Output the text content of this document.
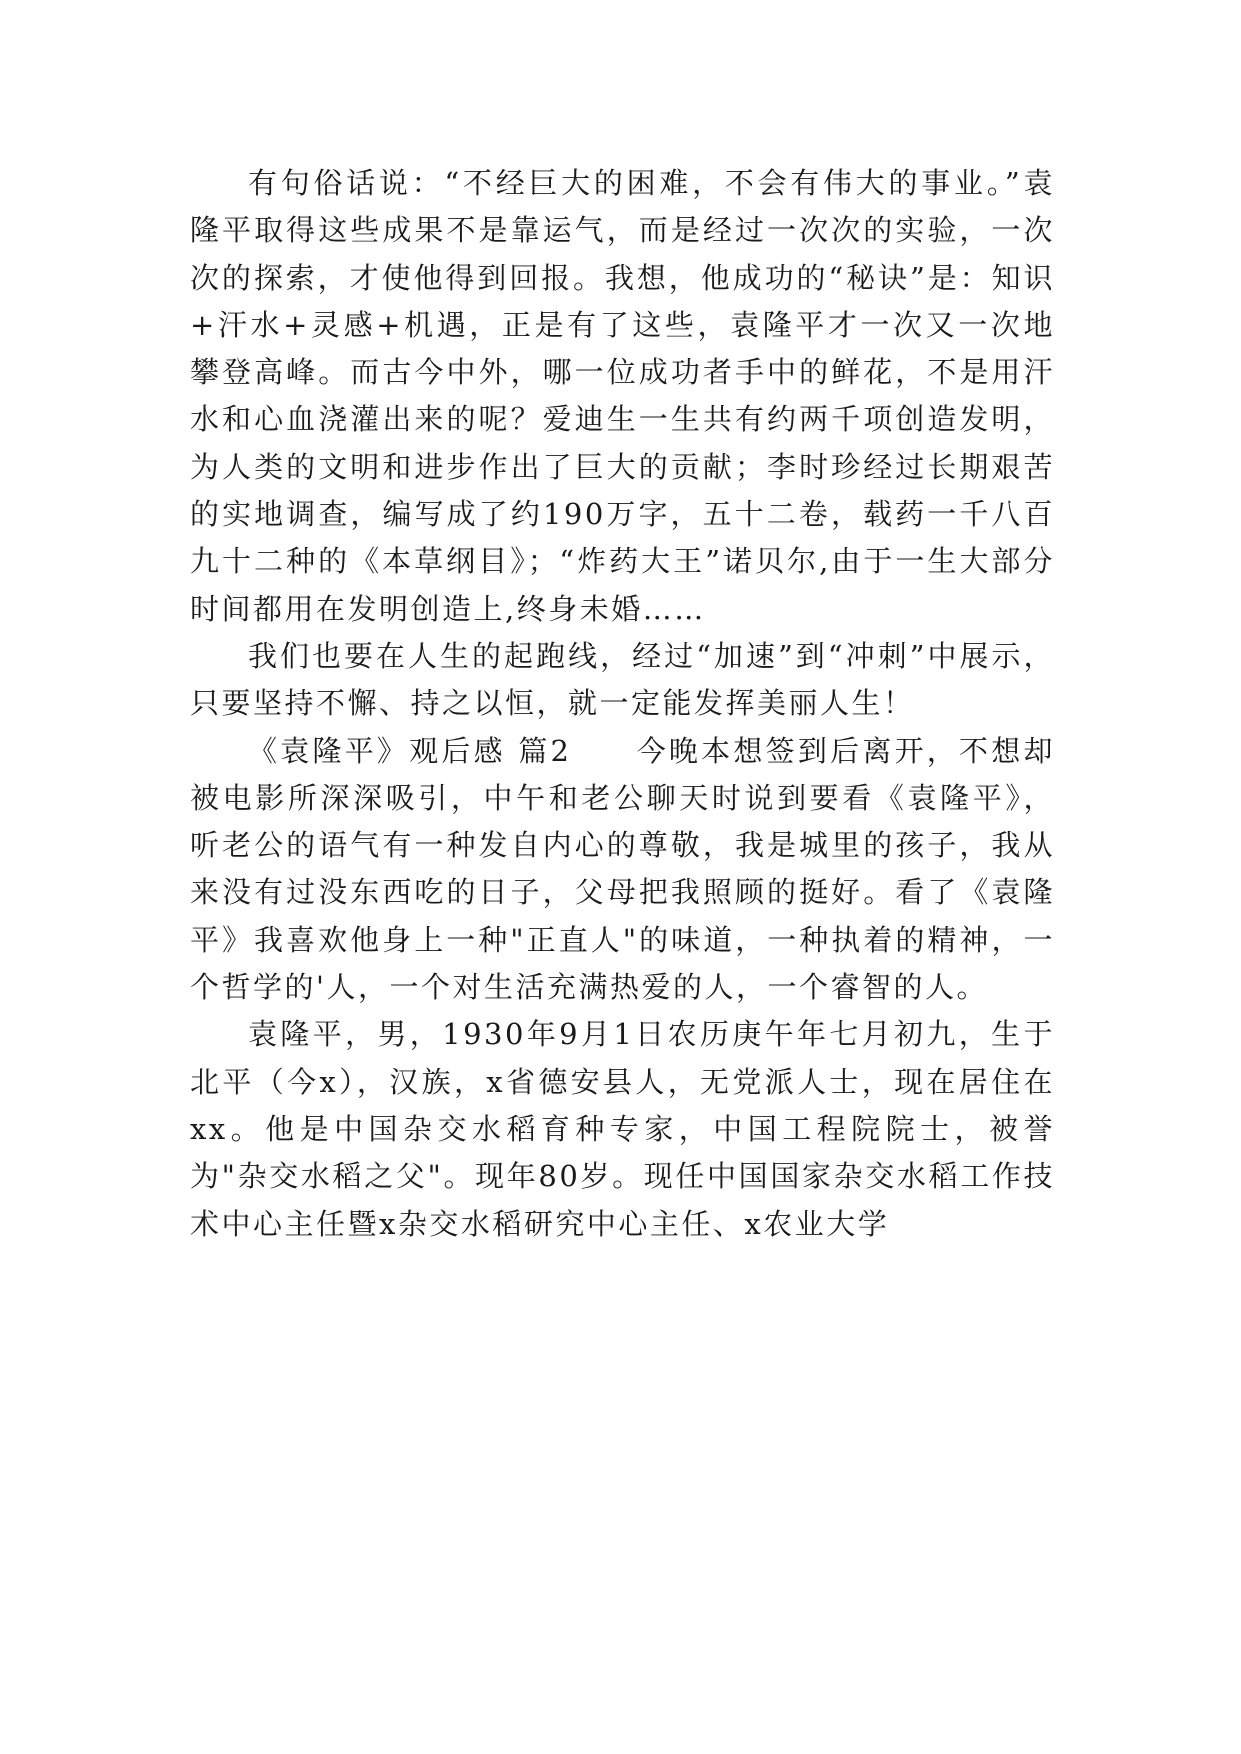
有句俗话说：“不经巨大的困难，不会有伟大的事业。”袁隆平取得这些成果不是靠运气，而是经过一次次的实验，一次次的探索，才使他得到回报。我想，他成功的“秘诀”是：知识+汗水+灵感+机遇，正是有了这些，袁隆平才一次又一次地攀登高峰。而古今中外，哪一位成功者手中的鲜花，不是用汗水和心血浇灌出来的呢？爱迪生一生共有约两千项创造发明，为人类的文明和进步作出了巨大的贡献；李时珍经过长期艰苦的实地调查，编写成了约190万字，五十二卷，载药一千八百九十二种的《本草纲目》；“炸药大王”诺贝尔,由于一生大部分时间都用在发明创造上,终身未婚……

我们也要在人生的起跑线，经过“加速”到“冲刺”中展示，只要坚持不懈、持之以恒，就一定能发挥美丽人生！

《袁隆平》观后感 篇2　　今晚本想签到后离开，不想却被电影所深深吸引，中午和老公聊天时说到要看《袁隆平》，听老公的语气有一种发自内心的尊敬，我是城里的孩子，我从来没有过没东西吃的日子，父母把我照顾的挺好。看了《袁隆平》我喜欢他身上一种"正直人"的味道，一种执着的精神，一个哲学的'人，一个对生活充满热爱的人，一个睿智的人。

袁隆平，男，1930年9月1日农历庚午年七月初九，生于北平（今x），汉族，x省德安县人，无党派人士，现在居住在xx。他是中国杂交水稻育种专家，中国工程院院士，被誉为"杂交水稻之父"。现年80岁。现任中国国家杂交水稻工作技术中心主任暨x杂交水稻研究中心主任、x农业大学
